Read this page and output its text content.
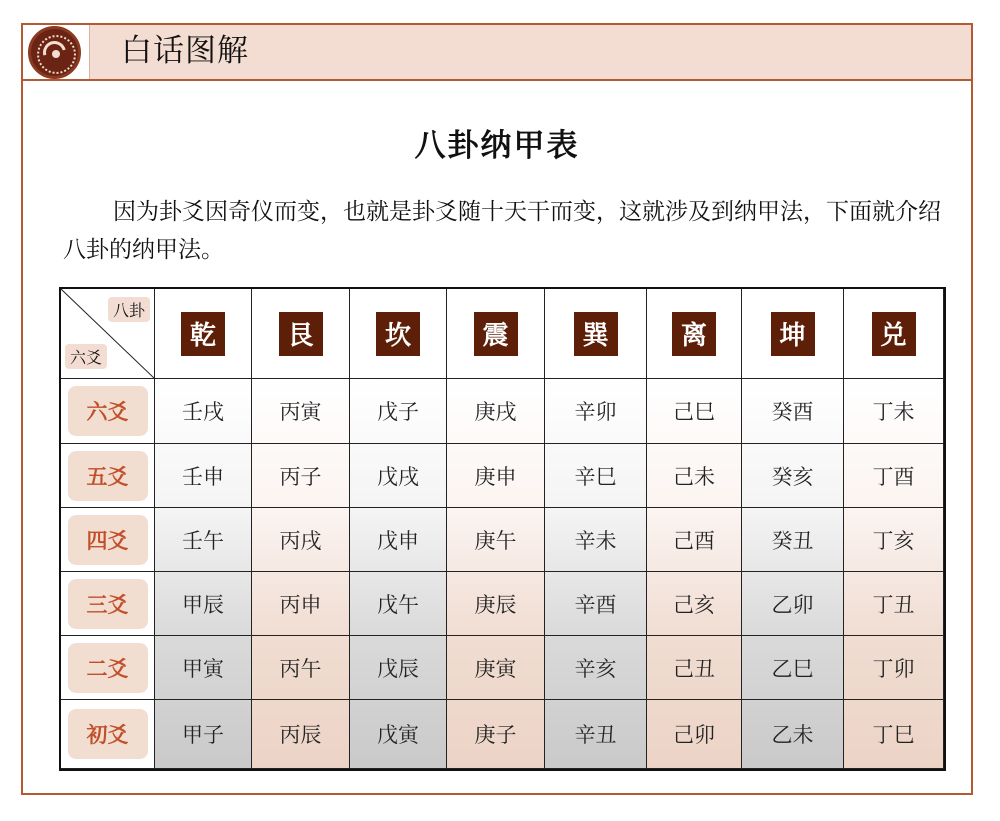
白话图解
八卦纳甲表
因为卦爻因奇仪而变，也就是卦爻随十天干而变，这就涉及到纳甲法，下面就介绍八卦的纳甲法。
八卦
六爻
乾	艮	坎	震	巽	离	坤	兑
六爻	壬戌	丙寅	戊子	庚戌	辛卯	己巳	癸酉	丁未
五爻	壬申	丙子	戊戌	庚申	辛巳	己未	癸亥	丁酉
四爻	壬午	丙戌	戊申	庚午	辛未	己酉	癸丑	丁亥
三爻	甲辰	丙申	戊午	庚辰	辛酉	己亥	乙卯	丁丑
二爻	甲寅	丙午	戊辰	庚寅	辛亥	己丑	乙巳	丁卯
初爻	甲子	丙辰	戊寅	庚子	辛丑	己卯	乙未	丁巳
